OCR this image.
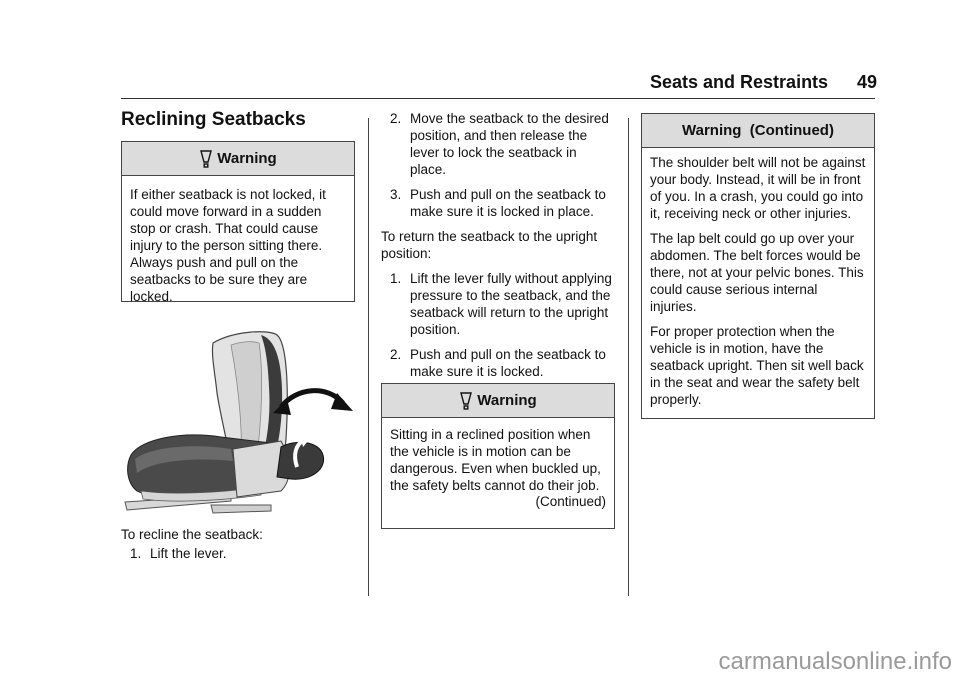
Seats and Restraints 49
Reclining Seatbacks
Warning

If either seatback is not locked, it could move forward in a sudden stop or crash. That could cause injury to the person sitting there. Always push and pull on the seatbacks to be sure they are locked.

To recline the seatback:
1. Lift the lever.
2. Move the seatback to the desired position, and then release the lever to lock the seatback in place.
3. Push and pull on the seatback to make sure it is locked in place.
To return the seatback to the upright position:
1. Lift the lever fully without applying pressure to the seatback, and the seatback will return to the upright position.
2. Push and pull on the seatback to make sure it is locked.
Warning

Sitting in a reclined position when the vehicle is in motion can be dangerous. Even when buckled up, the safety belts cannot do their job.

(Continued)
Warning  (Continued)

The shoulder belt will not be against your body. Instead, it will be in front of you. In a crash, you could go into it, receiving neck or other injuries.

The lap belt could go up over your abdomen. The belt forces would be there, not at your pelvic bones. This could cause serious internal injuries.

For proper protection when the vehicle is in motion, have the seatback upright. Then sit well back in the seat and wear the safety belt properly.

carmanualsonline.info
